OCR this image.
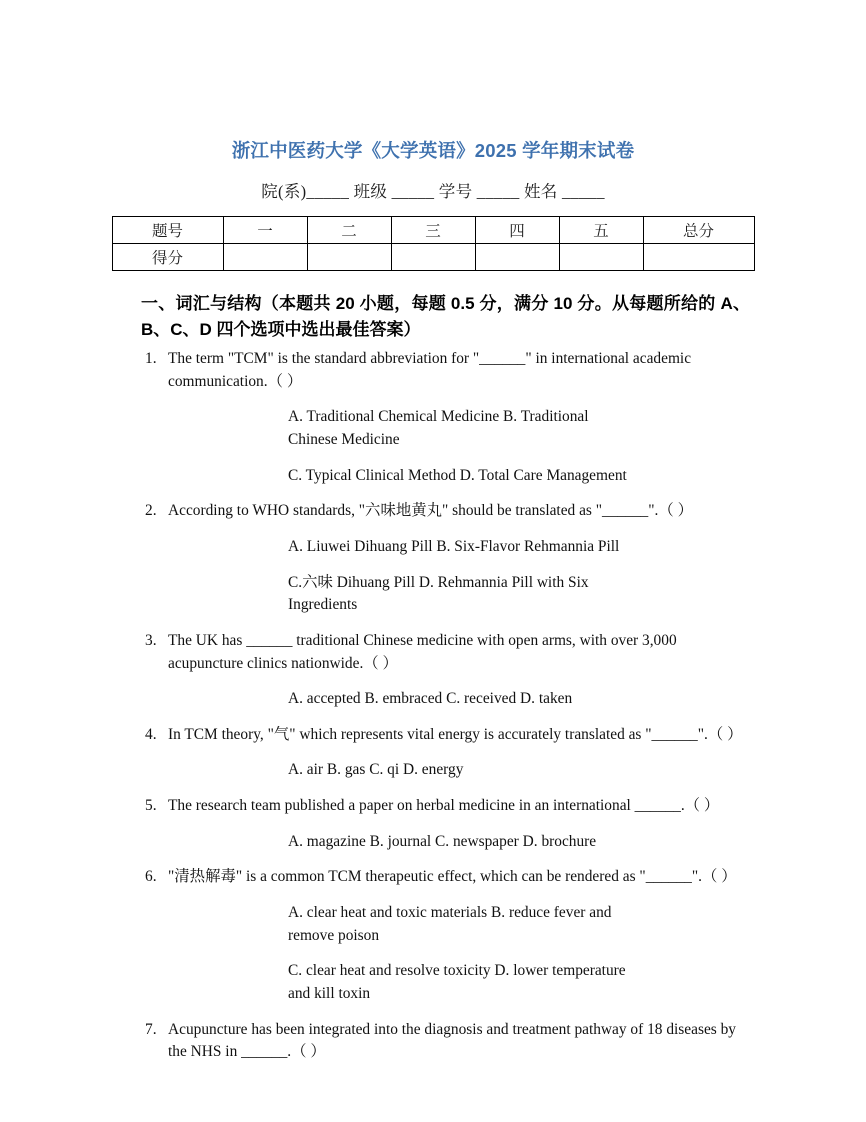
浙江中医药大学《大学英语》2025 学年期末试卷
院(系)_____ 班级 _____ 学号 _____ 姓名 _____
题号	一	二	三	四	五	总分
得分						
一、词汇与结构（本题共 20 小题，每题 0.5 分，满分 10 分。从每题所给的 A、B、C、D 四个选项中选出最佳答案）
1. The term "TCM" is the standard abbreviation for "______" in international academic communication.（ ）
A. Traditional Chemical Medicine B. Traditional Chinese Medicine
C. Typical Clinical Method D. Total Care Management
2. According to WHO standards, "六味地黄丸" should be translated as "______".（ ）
A. Liuwei Dihuang Pill B. Six-Flavor Rehmannia Pill
C.六味 Dihuang Pill D. Rehmannia Pill with Six Ingredients
3. The UK has ______ traditional Chinese medicine with open arms, with over 3,000 acupuncture clinics nationwide.（ ）
A. accepted B. embraced C. received D. taken
4. In TCM theory, "气" which represents vital energy is accurately translated as "______".（ ）
A. air B. gas C. qi D. energy
5. The research team published a paper on herbal medicine in an international ______.（ ）
A. magazine B. journal C. newspaper D. brochure
6. "清热解毒" is a common TCM therapeutic effect, which can be rendered as "______".（ ）
A. clear heat and toxic materials B. reduce fever and remove poison
C. clear heat and resolve toxicity D. lower temperature and kill toxin
7. Acupuncture has been integrated into the diagnosis and treatment pathway of 18 diseases by the NHS in ______.（ ）
